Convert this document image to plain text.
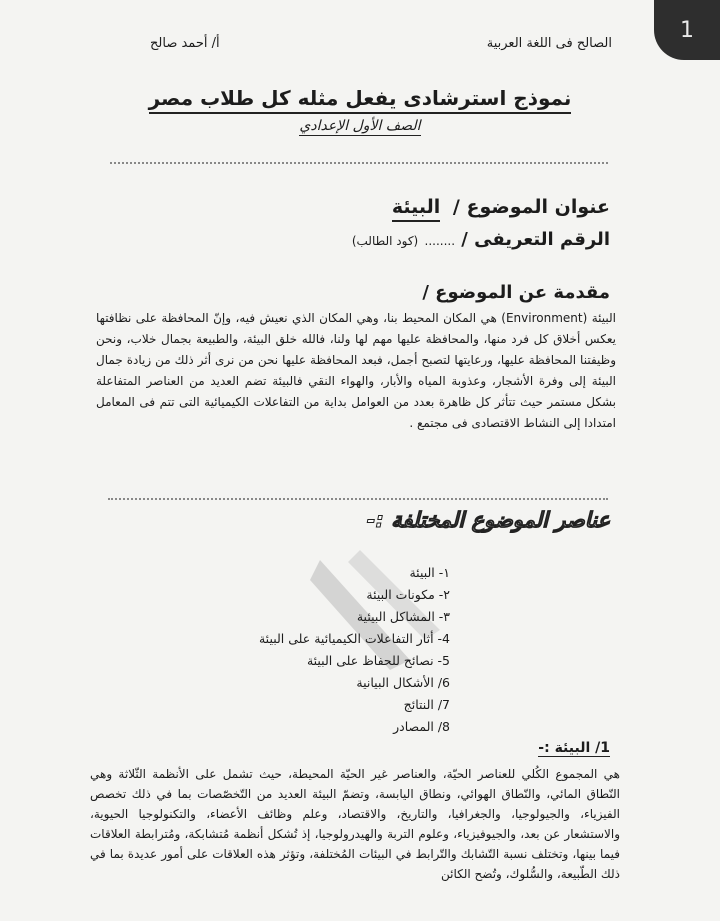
1
الصالح فى اللغة العربية
أ/ أحمد صالح
نموذج استرشادى يفعل مثله كل طلاب مصر
الصف الأول الإعدادي
عنوان الموضوع / البيئة
الرقم التعريفى / ........ (كود الطالب)
مقدمة عن الموضوع /
البيئة (Environment) هي المكان المحيط بنا، وهي المكان الذي نعيش فيه، وإنّ المحافظة على نظافتها يعكس أخلاق كل فرد منها، والمحافظة عليها مهم لها ولنا، فالله خلق البيئة، والطبيعة بجمال خلاب، ونحن وظيفتنا المحافظة عليها، ورعايتها لتصبح أجمل، فبعد المحافظة عليها نحن من نرى أثر ذلك من زيادة جمال البيئة إلى وفرة الأشجار، وعذوبة المياه والأبار، والهواء النقي فالبيئة تضم العديد من العناصر المتفاعلة بشكل مستمر حيث تتأثر كل ظاهرة بعدد من العوامل بداية من التفاعلات الكيميائية التى تتم فى المعامل امتدادا إلى النشاط الاقتصادى فى مجتمع .
عناصر الموضوع المختلفة :-
١- البيئة
٢- مكونات البيئة
٣- المشاكل البيئية
4- أثار التفاعلات الكيميائية على البيئة
5- نصائح للحفاظ على البيئة
6/ الأشكال البيانية
7/ النتائج
8/ المصادر
1/ البيئة :-
هي المجموع الكُلي للعناصر الحيّة، والعناصر غير الحيّة المحيطة، حيث تشمل على الأنظمة الثّلاثة وهي النّطاق المائي، والنّطاق الهوائي، ونطاق اليابسة، وتضمّ البيئة العديد من التّخصّصات بما في ذلك تخصص الفيزياء، والجيولوجيا، والجغرافيا، والتاريخ، والاقتصاد، وعلم وظائف الأعضاء، والتكنولوجيا الحيوية، والاستشعار عن بعد، والجيوفيزياء، وعلوم التربة والهيدرولوجيا، إذ تُشكل أنظمة مُتشابكة، ومُترابطة العلاقات فيما بينها، وتختلف نسبة التّشابك والتّرابط في البيئات المُختلفة، وتؤثر هذه العلاقات على أمور عديدة بما في ذلك الطّبيعة، والسُّلوك، وتُضح الكائن
